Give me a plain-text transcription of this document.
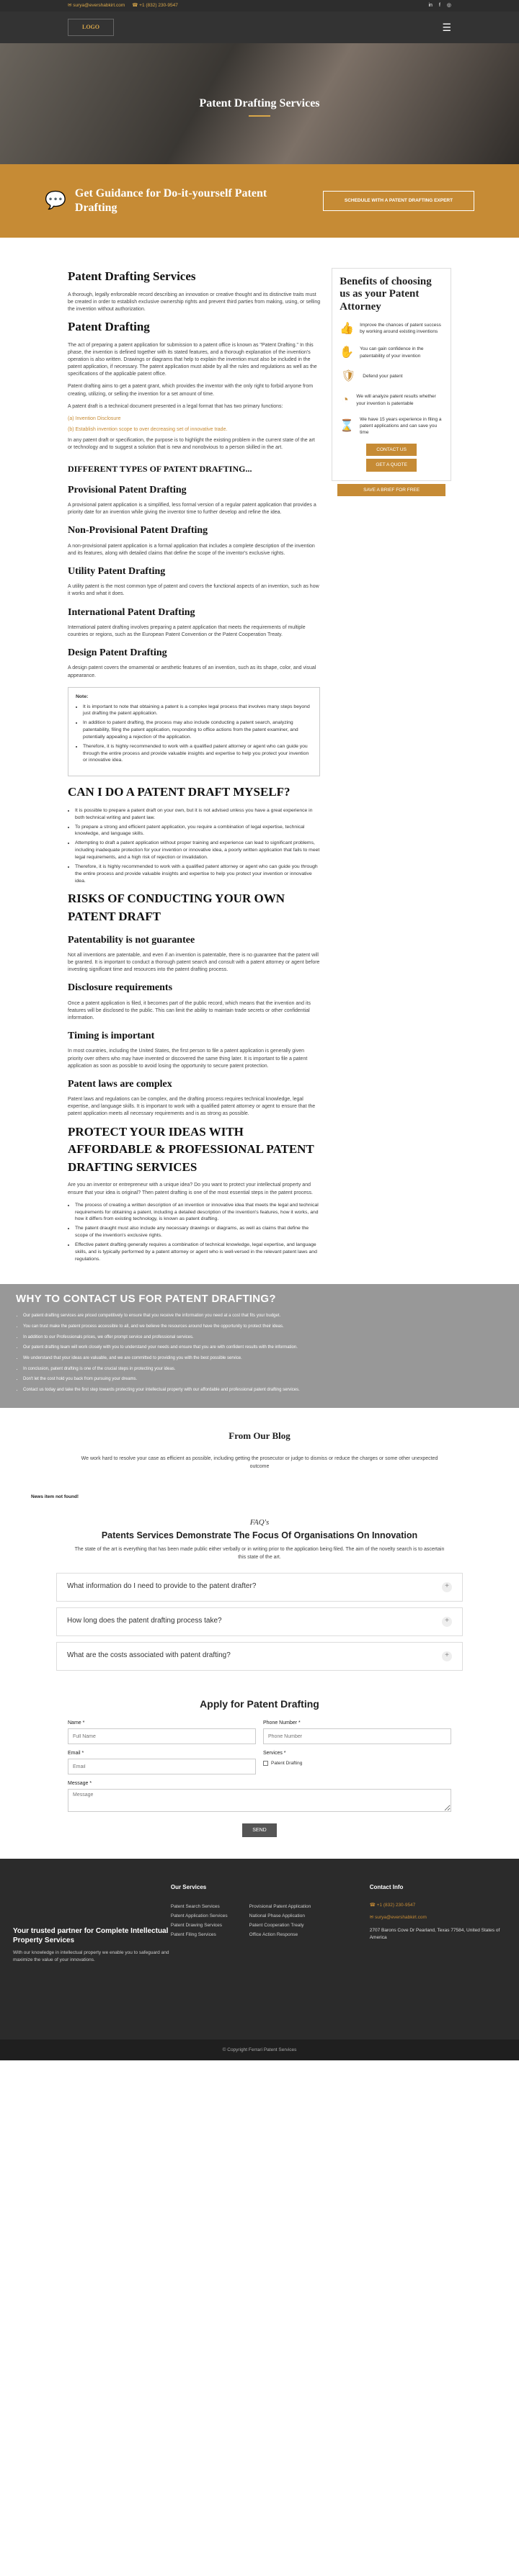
✉ surya@evershabkirt.com ☎ +1 (832) 230-9547	in f ◎
LOGO	☰
Patent Drafting Services
💬 Get Guidance for Do-it-yourself Patent Drafting
SCHEDULE WITH A PATENT DRAFTING EXPERT
Patent Drafting Services

A thorough, legally enforceable record describing an innovation or creative thought and its distinctive traits must be created in order to establish exclusive ownership rights and prevent third parties from making, using, or selling the invention without authorization.

Patent Drafting

The act of preparing a patent application for submission to a patent office is known as "Patent Drafting." In this phase, the invention is defined together with its stated features, and a thorough explanation of the invention's operation is also written. Drawings or diagrams that help to explain the invention must also be included in the patent application, if necessary. The patent application must abide by all the rules and regulations as well as the specifications of the applicable patent office.

Patent drafting aims to get a patent grant, which provides the inventor with the only right to forbid anyone from creating, utilizing, or selling the invention for a set amount of time.

A patent draft is a technical document presented in a legal format that has two primary functions:

(a) Invention Disclosure
(b) Establish invention scope to over decreasing set of innovative trade.

In any patent draft or specification, the purpose is to highlight the existing problem in the current state of the art or technology and to suggest a solution that is new and nonobvious to a person skilled in the art.

DIFFERENT TYPES OF PATENT DRAFTING...
Provisional Patent Drafting

A provisional patent application is a simplified, less formal version of a regular patent application that provides a priority date for an invention while giving the inventor time to further develop and refine the idea.

Non-Provisional Patent Drafting

A non-provisional patent application is a formal application that includes a complete description of the invention and its features, along with detailed claims that define the scope of the inventor's exclusive rights.

Utility Patent Drafting

A utility patent is the most common type of patent and covers the functional aspects of an invention, such as how it works and what it does.

International Patent Drafting

International patent drafting involves preparing a patent application that meets the requirements of multiple countries or regions, such as the European Patent Convention or the Patent Cooperation Treaty.

Design Patent Drafting

A design patent covers the ornamental or aesthetic features of an invention, such as its shape, color, and visual appearance.

Note:
• It is important to note that obtaining a patent is a complex legal process that involves many steps beyond just drafting the patent application.
• In addition to patent drafting, the process may also include conducting a patent search, analyzing patentability, filing the patent application, responding to office actions from the patent examiner, and potentially appealing a rejection of the application.
• Therefore, it is highly recommended to work with a qualified patent attorney or agent who can guide you through the entire process and provide valuable insights and expertise to help you protect your invention or innovative idea.
CAN I DO A PATENT DRAFT MYSELF?
• It is possible to prepare a patent draft on your own, but it is not advised unless you have a great experience in both technical writing and patent law.
• To prepare a strong and efficient patent application, you require a combination of legal expertise, technical knowledge, and language skills.
• Attempting to draft a patent application without proper training and experience can lead to significant problems, including inadequate protection for your invention or innovative idea, a poorly written application that fails to meet legal requirements, and a high risk of rejection or invalidation.
• Therefore, it is highly recommended to work with a qualified patent attorney or agent who can guide you through the entire process and provide valuable insights and expertise to help you protect your invention or innovative idea.
RISKS OF CONDUCTING YOUR OWN PATENT DRAFT
Patentability is not guarantee

Not all inventions are patentable, and even if an invention is patentable, there is no guarantee that the patent will be granted. It is important to conduct a thorough patent search and consult with a patent attorney or agent before investing significant time and resources into the patent drafting process.

Disclosure requirements

Once a patent application is filed, it becomes part of the public record, which means that the invention and its features will be disclosed to the public. This can limit the ability to maintain trade secrets or other confidential information.

Timing is important

In most countries, including the United States, the first person to file a patent application is generally given priority over others who may have invented or discovered the same thing later. It is important to file a patent application as soon as possible to avoid losing the opportunity to secure patent protection.

Patent laws are complex

Patent laws and regulations can be complex, and the drafting process requires technical knowledge, legal expertise, and language skills. It is important to work with a qualified patent attorney or agent to ensure that the patent application meets all necessary requirements and is as strong as possible.

PROTECT YOUR IDEAS WITH AFFORDABLE & PROFESSIONAL PATENT DRAFTING SERVICES

Are you an inventor or entrepreneur with a unique idea? Do you want to protect your intellectual property and ensure that your idea is original? Then patent drafting is one of the most essential steps in the patent process.

• The process of creating a written description of an invention or innovative idea that meets the legal and technical requirements for obtaining a patent, including a detailed description of the invention's features, how it works, and how it differs from existing technology, is known as patent drafting.
• The patent draught must also include any necessary drawings or diagrams, as well as claims that define the scope of the invention's exclusive rights.
• Effective patent drafting generally requires a combination of technical knowledge, legal expertise, and language skills, and is typically performed by a patent attorney or agent who is well-versed in the relevant patent laws and regulations.
Benefits of choosing us as your Patent Attorney
👍 Improve the chances of patent success by working around existing inventions
✋ You can gain confidence in the patentability of your invention
🛡 Defend your patent
◔	We will analyze patent results whether your invention is patentable
⌛
We have 15 years experience in filing a patent applications and can save you time
CONTACT US
GET A QUOTE
SAVE A BRIEF FOR FREE
WHY TO CONTACT US FOR PATENT DRAFTING?
• Our patent drafting services are priced competitively to ensure that you receive the information you need at a cost that fits your budget.
• You can trust make the patent process accessible to all, and we believe the resources around have the opportunity to protect their ideas.
• In addition to our Professionals prices, we offer prompt service and professional services.
• Our patent drafting team will work closely with you to understand your needs and ensure that you are with confident results with the information.
• We understand that your ideas are valuable, and we are committed to providing you with the best possible service.
• In conclusion, patent drafting is one of the crucial steps in protecting your ideas.
• Don't let the cost hold you back from pursuing your dreams.
• Contact us today and take the first step towards protecting your intellectual property with our affordable and professional patent drafting services.
From Our Blog

We work hard to resolve your case as efficient as possible, including getting the prosecutor or judge to dismiss or reduce the charges or some other unexpected outcome

News item not found!
FAQ's
Patents Services Demonstrate The Focus Of Organisations On Innovation
The state of the art is everything that has been made public either verbally or in writing prior to the application being filed. The aim of the novelty search is to ascertain this state of the art.
What information do I need to provide to the patent drafter?	+
How long does the patent drafting process take?	+
What are the costs associated with patent drafting?	+
Apply for Patent Drafting
Name *
Full Name	Phone Number *
Phone Number
Email *
Email	Services *
Patent Drafting
Message *
Message
SEND
Your trusted partner for Complete Intellectual Property Services

With our knowledge in intellectual property we enable you to safeguard and maximize the value of your innovations.

Our Services
Patent Search Services
Patent Application Services
Patent Drawing Services
Patent Filing Services
Provisional Patent Application
National Phase Application
Patent Cooperation Treaty
Office Action Response
Contact Info
☎ +1 (832) 230-9547
✉ surya@evershabkirt.com
2707 Barons Cove Dr Pearland, Texas 77584, United States of America
© Copyright Ferrari Patent Services
